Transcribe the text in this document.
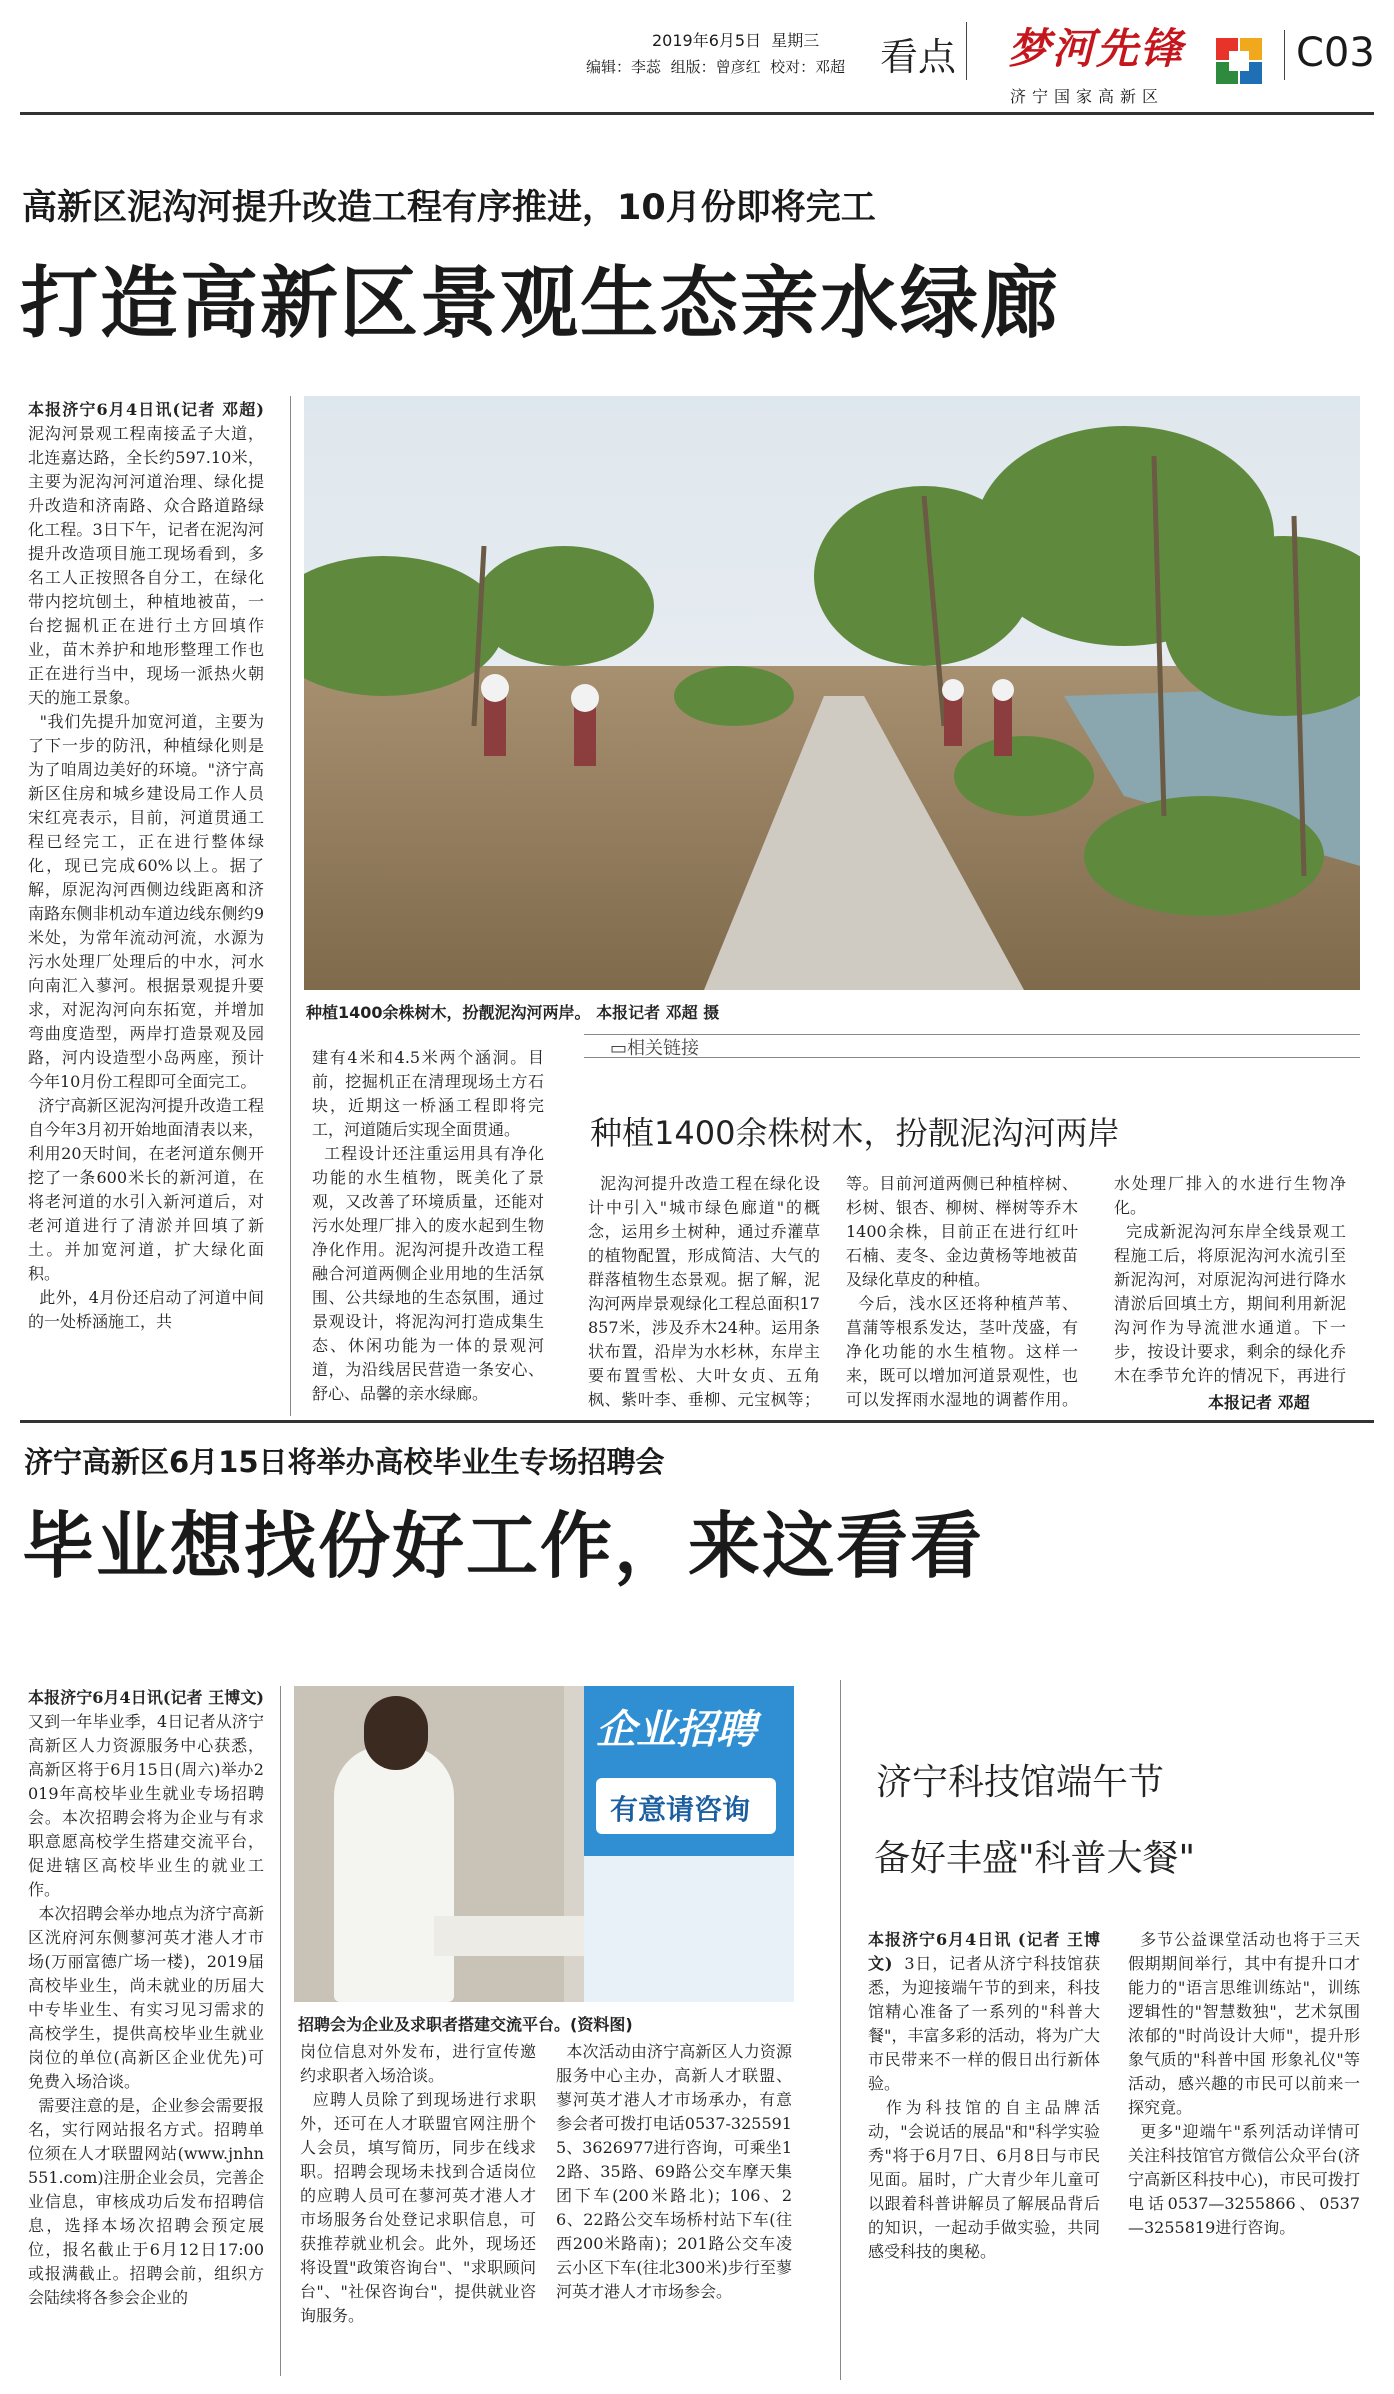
2019年6月5日 星期三
编辑：李蕊 组版：曾彦红 校对：邓超 看点 梦河先锋
济宁国家高新区
C03
高新区泥沟河提升改造工程有序推进，10月份即将完工
打造高新区景观生态亲水绿廊
本报济宁6月4日讯(记者 邓超)  泥沟河景观工程南接孟子大道，北连嘉达路，全长约597.10米，主要为泥沟河河道治理、绿化提升改造和济南路、众合路道路绿化工程。3日下午，记者在泥沟河提升改造项目施工现场看到，多名工人正按照各自分工，在绿化带内挖坑刨土，种植地被苗，一台挖掘机正在进行土方回填作业，苗木养护和地形整理工作也正在进行当中，现场一派热火朝天的施工景象。
"我们先提升加宽河道，主要为了下一步的防汛，种植绿化则是为了咱周边美好的环境。"济宁高新区住房和城乡建设局工作人员宋红亮表示，目前，河道贯通工程已经完工，正在进行整体绿化，现已完成60%以上。据了解，原泥沟河西侧边线距离和济南路东侧非机动车道边线东侧约9米处，为常年流动河流，水源为污水处理厂处理后的中水，河水向南汇入蓼河。根据景观提升要求，对泥沟河向东拓宽，并增加弯曲度造型，两岸打造景观及园路，河内设造型小岛两座，预计今年10月份工程即可全面完工。
济宁高新区泥沟河提升改造工程自今年3月初开始地面清表以来，利用20天时间，在老河道东侧开挖了一条600米长的新河道，在将老河道的水引入新河道后，对老河道进行了清淤并回填了新土。并加宽河道，扩大绿化面积。
此外，4月份还启动了河道中间的一处桥涵施工，共
种植1400余株树木，扮靓泥沟河两岸。 本报记者 邓超 摄
建有4米和4.5米两个涵洞。目前，挖掘机正在清理现场土方石块，近期这一桥涵工程即将完工，河道随后实现全面贯通。
工程设计还注重运用具有净化功能的水生植物，既美化了景观，又改善了环境质量，还能对污水处理厂排入的废水起到生物净化作用。泥沟河提升改造工程融合河道两侧企业用地的生活氛围、公共绿地的生态氛围，通过景观设计，将泥沟河打造成集生态、休闲功能为一体的景观河道，为沿线居民营造一条安心、舒心、品馨的亲水绿廊。
▭相关链接
种植1400余株树木，扮靓泥沟河两岸
泥沟河提升改造工程在绿化设计中引入"城市绿色廊道"的概念，运用乡土树种，通过乔灌草的植物配置，形成简洁、大气的群落植物生态景观。据了解，泥沟河两岸景观绿化工程总面积17857米，涉及乔木24种。运用条状布置，沿岸为水杉林，东岸主要布置雪松、大叶女贞、五角枫、紫叶李、垂柳、元宝枫等；
等。目前河道两侧已种植梓树、杉树、银杏、柳树、榉树等乔木1400余株，目前正在进行红叶石楠、麦冬、金边黄杨等地被苗及绿化草皮的种植。
今后，浅水区还将种植芦苇、菖蒲等根系发达，茎叶茂盛，有净化功能的水生植物。这样一来，既可以增加河道景观性，也可以发挥雨水湿地的调蓄作用。
水处理厂排入的水进行生物净化。
完成新泥沟河东岸全线景观工程施工后，将原泥沟河水流引至新泥沟河，对原泥沟河进行降水清淤后回填土方，期间利用新泥沟河作为导流泄水通道。下一步，按设计要求，剩余的绿化乔木在季节允许的情况下，再进行
本报记者 邓超
济宁高新区6月15日将举办高校毕业生专场招聘会
毕业想找份好工作，来这看看
本报济宁6月4日讯(记者 王博文)  又到一年毕业季，4日记者从济宁高新区人力资源服务中心获悉，高新区将于6月15日(周六)举办2019年高校毕业生就业专场招聘会。本次招聘会将为企业与有求职意愿高校学生搭建交流平台，促进辖区高校毕业生的就业工作。
本次招聘会举办地点为济宁高新区洸府河东侧蓼河英才港人才市场(万丽富德广场一楼)，2019届高校毕业生，尚未就业的历届大中专毕业生、有实习见习需求的高校学生，提供高校毕业生就业岗位的单位(高新区企业优先)可免费入场洽谈。
需要注意的是，企业参会需要报名，实行网站报名方式。招聘单位须在人才联盟网站(www.jnhn551.com)注册企业会员，完善企业信息，审核成功后发布招聘信息，选择本场次招聘会预定展位，报名截止于6月12日17:00或报满截止。招聘会前，组织方会陆续将各参会企业的
企业招聘
有意请咨询
招聘会为企业及求职者搭建交流平台。(资料图)
岗位信息对外发布，进行宣传邀约求职者入场洽谈。
应聘人员除了到现场进行求职外，还可在人才联盟官网注册个人会员，填写简历，同步在线求职。招聘会现场未找到合适岗位的应聘人员可在蓼河英才港人才市场服务台处登记求职信息，可获推荐就业机会。此外，现场还将设置"政策咨询台"、"求职顾问台"、"社保咨询台"，提供就业咨询服务。
本次活动由济宁高新区人力资源服务中心主办，高新人才联盟、蓼河英才港人才市场承办，有意参会者可拨打电话0537-3255915、3626977进行咨询，可乘坐12路、35路、69路公交车摩天集团下车(200米路北)；106、26、22路公交车场桥村站下车(往西200米路南)；201路公交车凌云小区下车(往北300米)步行至蓼河英才港人才市场参会。
济宁科技馆端午节
备好丰盛"科普大餐"
本报济宁6月4日讯 (记者 王博文)  3日，记者从济宁科技馆获悉，为迎接端午节的到来，科技馆精心准备了一系列的"科普大餐"，丰富多彩的活动，将为广大市民带来不一样的假日出行新体验。
作为科技馆的自主品牌活动，"会说话的展品"和"科学实验秀"将于6月7日、6月8日与市民见面。届时，广大青少年儿童可以跟着科普讲解员了解展品背后的知识，一起动手做实验，共同感受科技的奥秘。
多节公益课堂活动也将于三天假期期间举行，其中有提升口才能力的"语言思维训练站"，训练逻辑性的"智慧数独"，艺术氛围浓郁的"时尚设计大师"，提升形象气质的"科普中国 形象礼仪"等活动，感兴趣的市民可以前来一探究竟。
更多"迎端午"系列活动详情可关注科技馆官方微信公众平台(济宁高新区科技中心)，市民可拨打电话0537—3255866、0537—3255819进行咨询。
